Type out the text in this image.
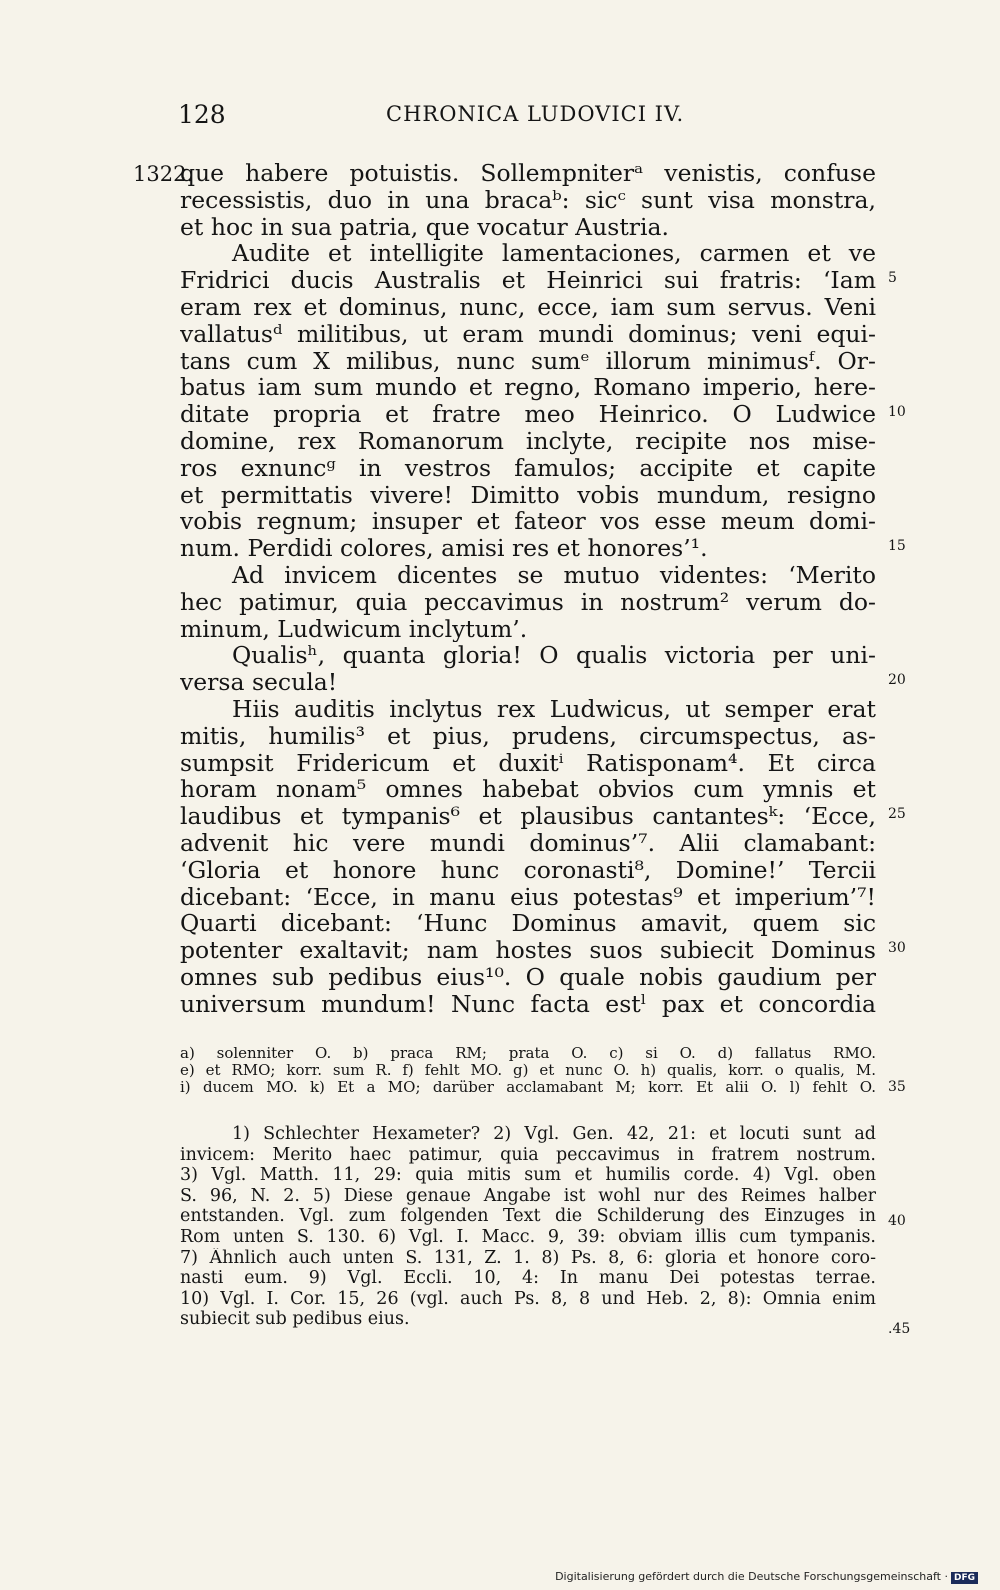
128	CHRONICA LUDOVICI IV.
1322.
que habere potuistis. Sollempniterᵃ venistis, confuse
recessistis, duo in una bracaᵇ: sicᶜ sunt visa monstra,
et hoc in sua patria, que vocatur Austria.
Audite et intelligite lamentaciones, carmen et ve
Fridrici ducis Australis et Heinrici sui fratris: ‘Iam
eram rex et dominus, nunc, ecce, iam sum servus. Veni
vallatusᵈ militibus, ut eram mundi dominus; veni equi-
tans cum X milibus, nunc sumᵉ illorum minimusᶠ. Or-
batus iam sum mundo et regno, Romano imperio, here-
ditate propria et fratre meo Heinrico. O Ludwice
domine, rex Romanorum inclyte, recipite nos mise-
ros exnuncᵍ in vestros famulos; accipite et capite
et permittatis vivere! Dimitto vobis mundum, resigno
vobis regnum; insuper et fateor vos esse meum domi-
num. Perdidi colores, amisi res et honores’¹.
Ad invicem dicentes se mutuo videntes: ‘Merito
hec patimur, quia peccavimus in nostrum² verum do-
minum, Ludwicum inclytum’.
Qualisʰ, quanta gloria! O qualis victoria per uni-
versa secula!
Hiis auditis inclytus rex Ludwicus, ut semper erat
mitis, humilis³ et pius, prudens, circumspectus, as-
sumpsit Fridericum et duxitⁱ Ratisponam⁴. Et circa
horam nonam⁵ omnes habebat obvios cum ymnis et
laudibus et tympanis⁶ et plausibus cantantesᵏ: ‘Ecce,
advenit hic vere mundi dominus’⁷. Alii clamabant:
‘Gloria et honore hunc coronasti⁸, Domine!’ Tercii
dicebant: ‘Ecce, in manu eius potestas⁹ et imperium’⁷!
Quarti dicebant: ‘Hunc Dominus amavit, quem sic
potenter exaltavit; nam hostes suos subiecit Dominus
omnes sub pedibus eius¹⁰. O quale nobis gaudium per
universum mundum! Nunc facta estˡ pax et concordia
5
10
15
20
25
30
35
40
.45
a) solenniter O. b) praca RM; prata O. c) si O. d) fallatus RMO.
e) et RMO; korr. sum R. f) fehlt MO. g) et nunc O. h) qualis, korr. o qualis, M.
i) ducem MO. k) Et a MO; darüber acclamabant M; korr. Et alii O. l) fehlt O.
1) Schlechter Hexameter? 2) Vgl. Gen. 42, 21: et locuti sunt ad
invicem: Merito haec patimur, quia peccavimus in fratrem nostrum.
3) Vgl. Matth. 11, 29: quia mitis sum et humilis corde. 4) Vgl. oben
S. 96, N. 2. 5) Diese genaue Angabe ist wohl nur des Reimes halber
entstanden. Vgl. zum folgenden Text die Schilderung des Einzuges in
Rom unten S. 130. 6) Vgl. I. Macc. 9, 39: obviam illis cum tympanis.
7) Ähnlich auch unten S. 131, Z. 1. 8) Ps. 8, 6: gloria et honore coro-
nasti eum. 9) Vgl. Eccli. 10, 4: In manu Dei potestas terrae.
10) Vgl. I. Cor. 15, 26 (vgl. auch Ps. 8, 8 und Heb. 2, 8): Omnia enim
subiecit sub pedibus eius.
Digitalisierung gefördert durch die Deutsche Forschungsgemeinschaft · DFG
